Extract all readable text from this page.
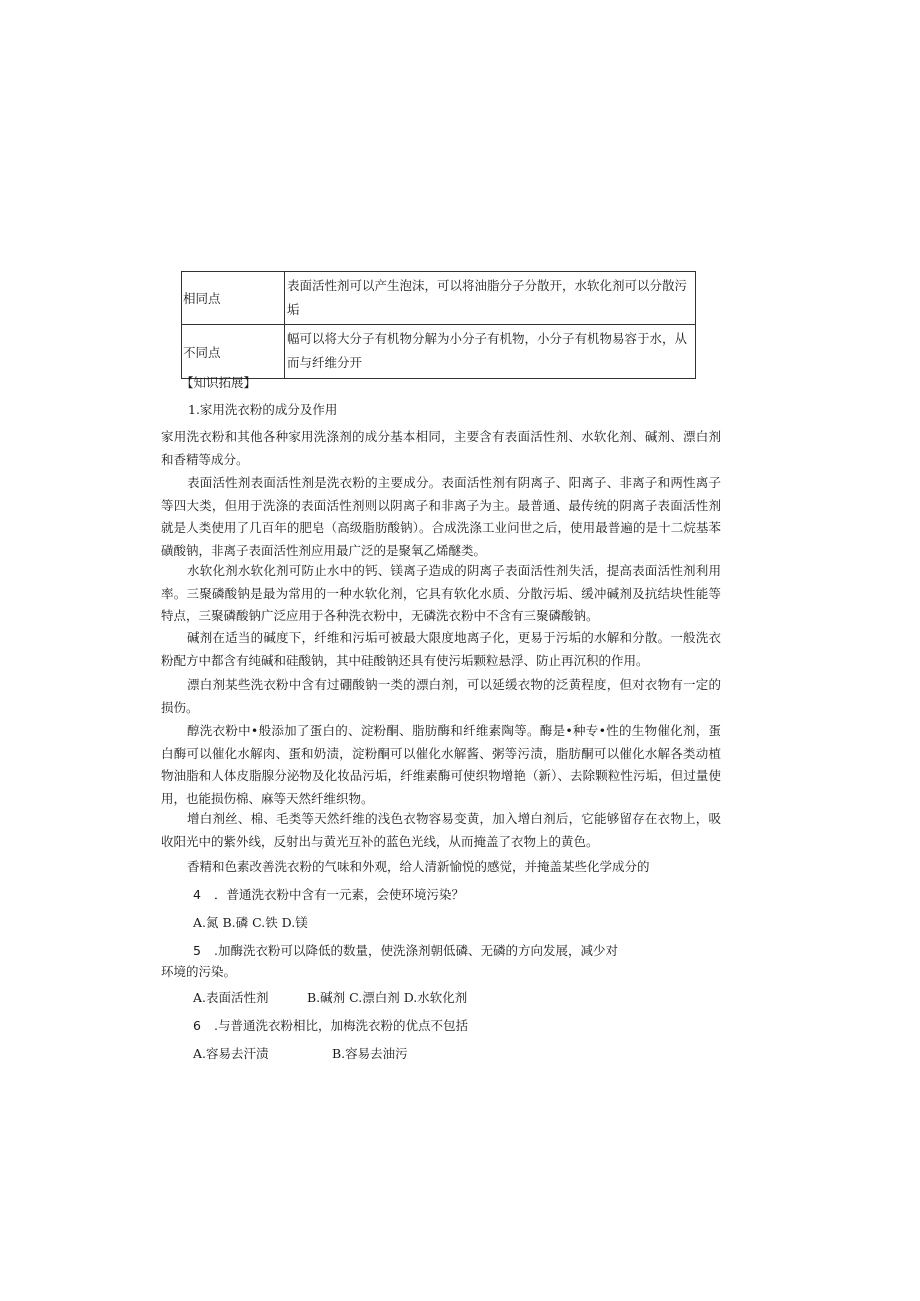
相同点	表面活性剂可以产生泡沫，可以将油脂分子分散开，水软化剂可以分散污垢
不同点	幅可以将大分子有机物分解为小分子有机物，小分子有机物易容于水，从而与纤维分开
【知识拓展】
1.家用洗衣粉的成分及作用
家用洗衣粉和其他各种家用洗涤剂的成分基本相同，主要含有表面活性剂、水软化剂、碱剂、漂白剂和香精等成分。
表面活性剂表面活性剂是洗衣粉的主要成分。表面活性剂有阴离子、阳离子、非离子和两性离子等四大类，但用于洗涤的表面活性剂则以阴离子和非离子为主。最普通、最传统的阴离子表面活性剂就是人类使用了几百年的肥皂（高级脂肪酸钠）。合成洗涤工业问世之后，使用最普遍的是十二烷基苯磺酸钠，非离子表面活性剂应用最广泛的是聚氧乙烯醚类。
水软化剂水软化剂可防止水中的钙、镁离子造成的阴离子表面活性剂失活，提高表面活性剂利用率。三聚磷酸钠是最为常用的一种水软化剂，它具有软化水质、分散污垢、缓冲碱剂及抗结块性能等特点，三聚磷酸钠广泛应用于各种洗衣粉中，无磷洗衣粉中不含有三聚磷酸钠。
碱剂在适当的碱度下，纤维和污垢可被最大限度地离子化，更易于污垢的水解和分散。一般洗衣粉配方中都含有纯碱和硅酸钠，其中硅酸钠还具有使污垢颗粒悬浮、防止再沉积的作用。
漂白剂某些洗衣粉中含有过硼酸钠一类的漂白剂，可以延缓衣物的泛黄程度，但对衣物有一定的损伤。
醇洗衣粉中•般添加了蛋白的、淀粉酮、脂肪酶和纤维素陶等。酶是•种专•性的生物催化剂，蛋白酶可以催化水解肉、蛋和奶渍，淀粉酮可以催化水解酱、粥等污渍，脂肪酮可以催化水解各类动植物油脂和人体皮脂腺分泌物及化妆品污垢，纤维素酶可使织物增艳（新）、去除颗粒性污垢，但过量使用，也能损伤棉、麻等天然纤维织物。
增白剂丝、棉、毛类等天然纤维的浅色衣物容易变黄，加入增白剂后，它能够留存在衣物上，吸收阳光中的紫外线，反射出与黄光互补的蓝色光线，从而掩盖了衣物上的黄色。
香精和色素改善洗衣粉的气味和外观，给人清新愉悦的感觉，并掩盖某些化学成分的
4 ．普通洗衣粉中含有一元素，会使环境污染？
A.氮 B.磷 C.铁 D.镁
5 .加酶洗衣粉可以降低的数量，使洗涤剂朝低磷、无磷的方向发展，减少对
环境的污染。
A.表面活性剂	B.碱剂 C.漂白剂 D.水软化剂
6 .与普通洗衣粉相比，加梅洗衣粉的优点不包括
A.容易去汗渍	B.容易去油污
